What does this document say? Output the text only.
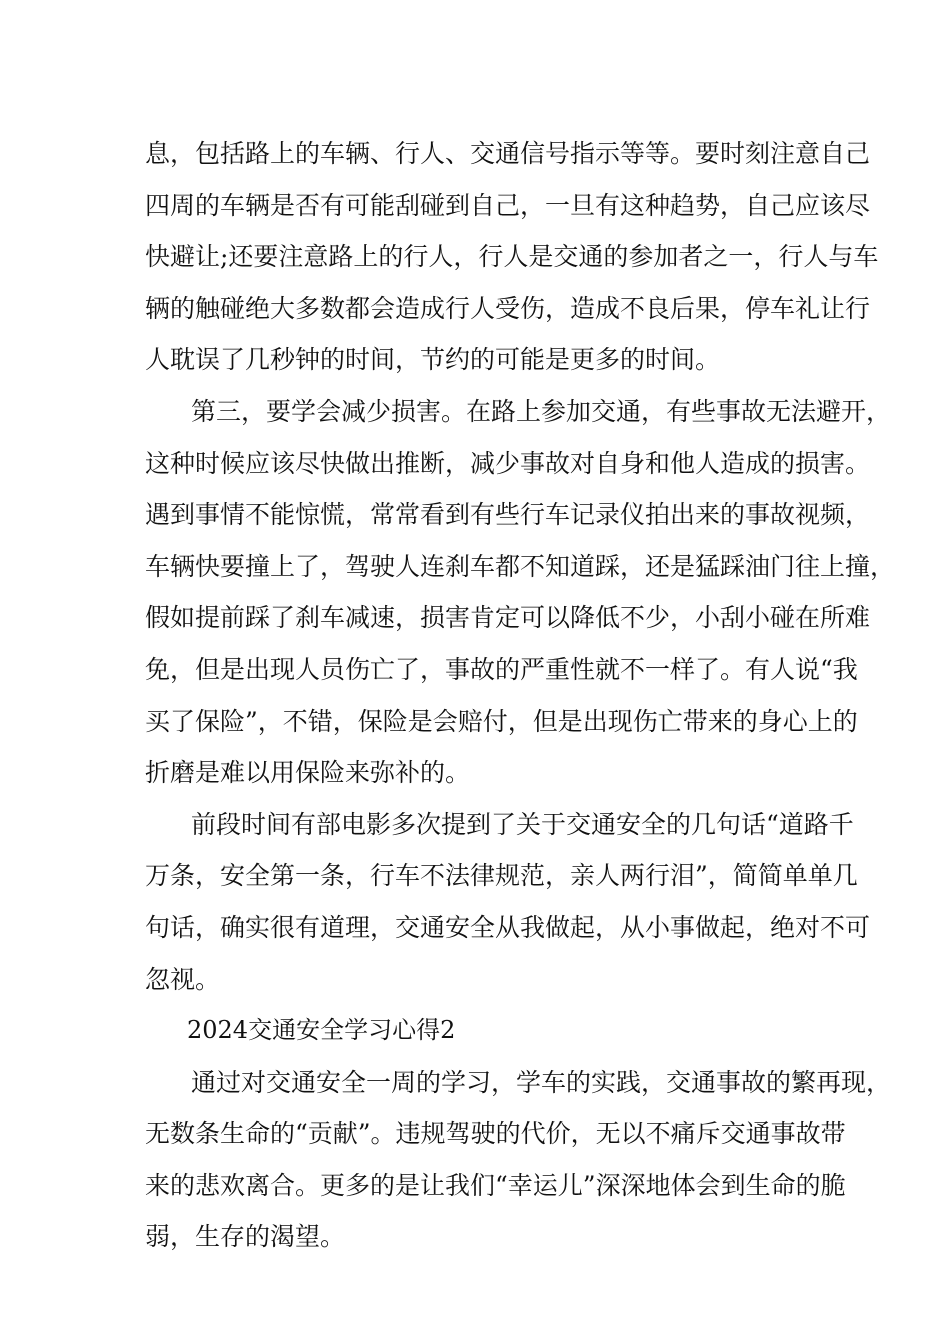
息，包括路上的车辆、行人、交通信号指示等等。要时刻注意自己
四周的车辆是否有可能刮碰到自己，一旦有这种趋势，自己应该尽
快避让;还要注意路上的行人，行人是交通的参加者之一，行人与车
辆的触碰绝大多数都会造成行人受伤，造成不良后果，停车礼让行
人耽误了几秒钟的时间，节约的可能是更多的时间。
第三，要学会减少损害。在路上参加交通，有些事故无法避开，
这种时候应该尽快做出推断，减少事故对自身和他人造成的损害。
遇到事情不能惊慌，常常看到有些行车记录仪拍出来的事故视频，
车辆快要撞上了，驾驶人连刹车都不知道踩，还是猛踩油门往上撞，
假如提前踩了刹车减速，损害肯定可以降低不少，小刮小碰在所难
免，但是出现人员伤亡了，事故的严重性就不一样了。有人说“我
买了保险”，不错，保险是会赔付，但是出现伤亡带来的身心上的
折磨是难以用保险来弥补的。
前段时间有部电影多次提到了关于交通安全的几句话“道路千
万条，安全第一条，行车不法律规范，亲人两行泪”，简简单单几
句话，确实很有道理，交通安全从我做起，从小事做起，绝对不可
忽视。
2024交通安全学习心得2
通过对交通安全一周的学习，学车的实践，交通事故的繁再现，
无数条生命的“贡献”。违规驾驶的代价，无以不痛斥交通事故带
来的悲欢离合。更多的是让我们“幸运儿”深深地体会到生命的脆
弱，生存的渴望。
